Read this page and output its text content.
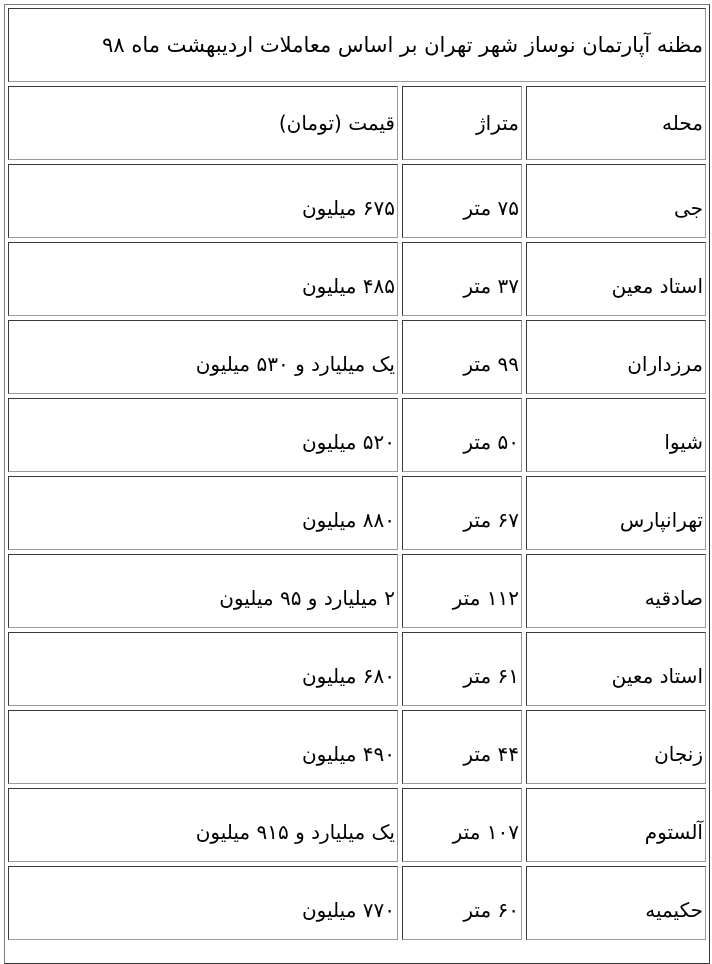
مظنه آپارتمان نوساز شهر تهران بر اساس معاملات اردیبهشت ماه ۹۸
محله
متراژ
قیمت (تومان)
جی
۷۵ متر
۶۷۵ میلیون
استاد معین
۳۷ متر
۴۸۵ میلیون
مرزداران
۹۹ متر
یک میلیارد و ۵۳۰ میلیون
شیوا
۵۰ متر
۵۲۰ میلیون
تهرانپارس
۶۷ متر
۸۸۰ میلیون
صادقیه
۱۱۲ متر
۲ میلیارد و ۹۵ میلیون
استاد معین
۶۱ متر
۶۸۰ میلیون
زنجان
۴۴ متر
۴۹۰ میلیون
آلستوم
۱۰۷ متر
یک میلیارد و ۹۱۵ میلیون
حکیمیه
۶۰ متر
۷۷۰ میلیون
